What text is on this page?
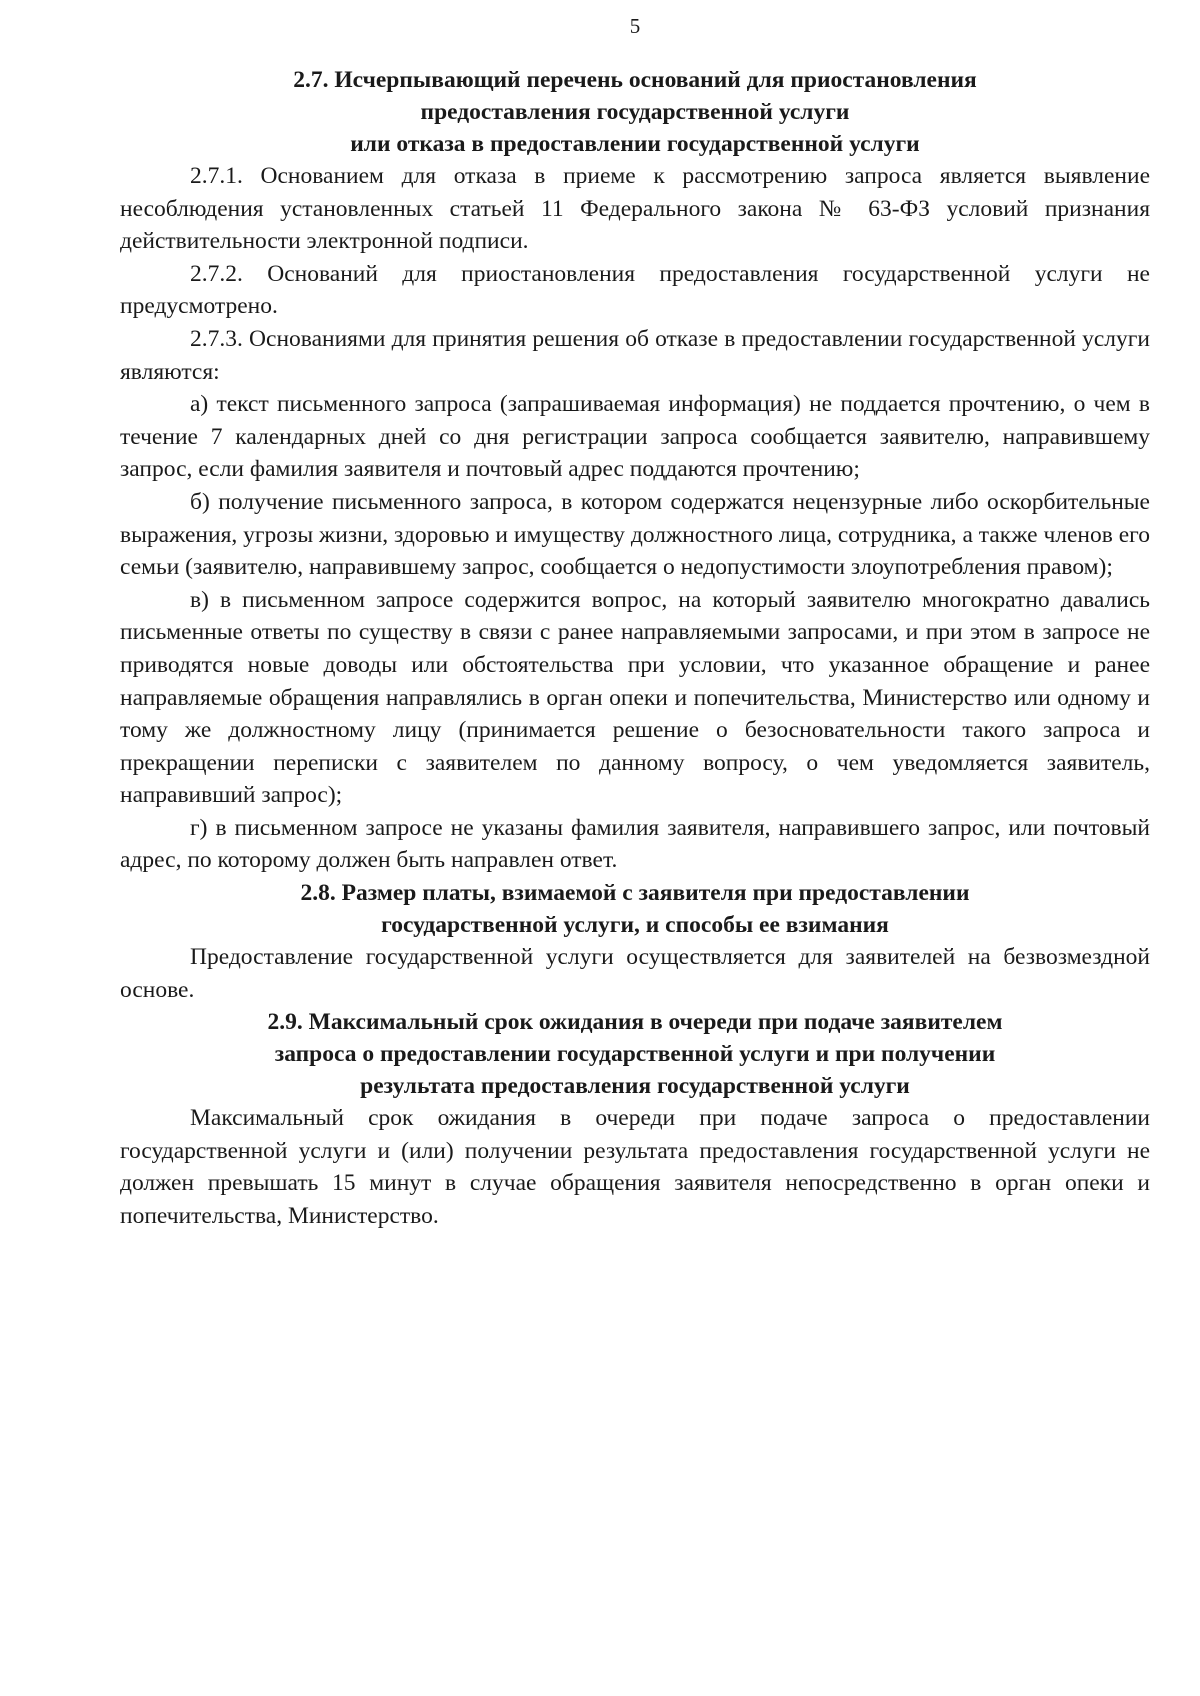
5
2.7. Исчерпывающий перечень оснований для приостановления
предоставления государственной услуги
или отказа в предоставлении государственной услуги

2.7.1. Основанием для отказа в приеме к рассмотрению запроса является выявление несоблюдения установленных статьей 11 Федерального закона № 63-ФЗ условий признания действительности электронной подписи.

2.7.2. Оснований для приостановления предоставления государственной услуги не предусмотрено.

2.7.3. Основаниями для принятия решения об отказе в предоставлении государственной услуги являются:

а) текст письменного запроса (запрашиваемая информация) не поддается прочтению, о чем в течение 7 календарных дней со дня регистрации запроса сообщается заявителю, направившему запрос, если фамилия заявителя и почтовый адрес поддаются прочтению;

б) получение письменного запроса, в котором содержатся нецензурные либо оскорбительные выражения, угрозы жизни, здоровью и имуществу должностного лица, сотрудника, а также членов его семьи (заявителю, направившему запрос, сообщается о недопустимости злоупотребления правом);

в) в письменном запросе содержится вопрос, на который заявителю многократно давались письменные ответы по существу в связи с ранее направляемыми запросами, и при этом в запросе не приводятся новые доводы или обстоятельства при условии, что указанное обращение и ранее направляемые обращения направлялись в орган опеки и попечительства, Министерство или одному и тому же должностному лицу (принимается решение о безосновательности такого запроса и прекращении переписки с заявителем по данному вопросу, о чем уведомляется заявитель, направивший запрос);

г) в письменном запросе не указаны фамилия заявителя, направившего запрос, или почтовый адрес, по которому должен быть направлен ответ.

2.8. Размер платы, взимаемой с заявителя при предоставлении
государственной услуги, и способы ее взимания

Предоставление государственной услуги осуществляется для заявителей на безвозмездной основе.

2.9. Максимальный срок ожидания в очереди при подаче заявителем
запроса о предоставлении государственной услуги и при получении
результата предоставления государственной услуги

Максимальный срок ожидания в очереди при подаче запроса о предоставлении государственной услуги и (или) получении результата предоставления государственной услуги не должен превышать 15 минут в случае обращения заявителя непосредственно в орган опеки и попечительства, Министерство.
